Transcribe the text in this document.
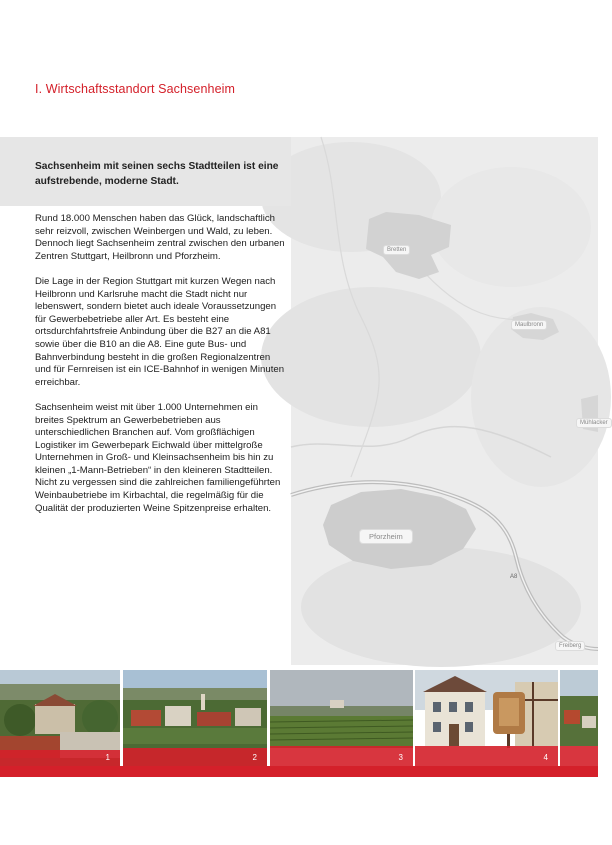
I. Wirtschaftsstandort Sachsenheim
Bretten
Maulbronn
Mühlacker
Pforzheim
Freiberg
A8
Sachsenheim mit seinen sechs Stadtteilen ist eine aufstrebende, moderne Stadt.

Rund 18.000 Menschen haben das Glück, landschaftlich sehr reizvoll, zwischen Weinbergen und Wald, zu leben. Dennoch liegt Sachsenheim zentral zwischen den urbanen Zentren Stuttgart, Heilbronn und Pforzheim.

Die Lage in der Region Stuttgart mit kurzen Wegen nach Heilbronn und Karlsruhe macht die Stadt nicht nur lebenswert, sondern bietet auch ideale Voraussetzungen für Gewerbebetriebe aller Art. Es besteht eine ortsdurchfahrtsfreie Anbindung über die B27 an die A81 sowie über die B10 an die A8. Eine gute Bus- und Bahnverbindung besteht in die großen Regionalzentren und für Fernreisen ist ein ICE-Bahnhof in wenigen Minuten erreichbar.

Sachsenheim weist mit über 1.000 Unternehmen ein breites Spektrum an Gewerbebetrieben aus unterschiedlichen Branchen auf. Vom großflächigen Logistiker im Gewerbepark Eichwald über mittelgroße Unternehmen in Groß- und Kleinsachsenheim bis hin zu kleinen „1-Mann-Betrieben“ in den kleineren Stadtteilen. Nicht zu vergessen sind die zahlreichen familiengeführten Weinbaubetriebe im Kirbachtal, die regelmäßig für die Qualität der produzierten Weine Spitzenpreise erhalten.

1	2	3	4
